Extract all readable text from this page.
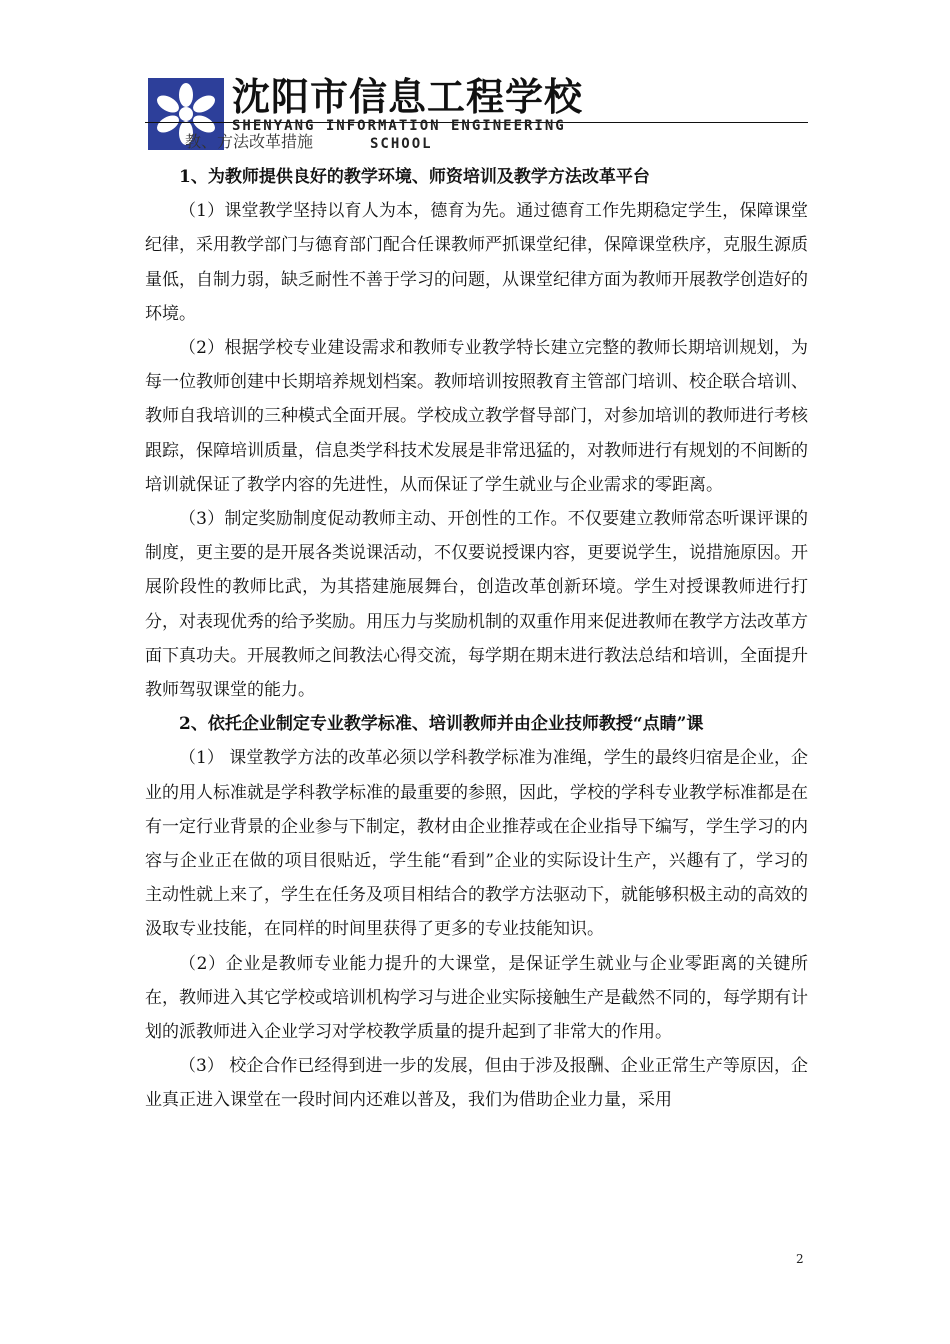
沈阳市信息工程学校
SHENYANG INFORMATION ENGINEERING
SCHOOL
教、方法改革措施

1、为教师提供良好的教学环境、师资培训及教学方法改革平台

（1）课堂教学坚持以育人为本，德育为先。通过德育工作先期稳定学生，保障课堂纪律，采用教学部门与德育部门配合任课教师严抓课堂纪律，保障课堂秩序，克服生源质量低，自制力弱，缺乏耐性不善于学习的问题，从课堂纪律方面为教师开展教学创造好的环境。

（2）根据学校专业建设需求和教师专业教学特长建立完整的教师长期培训规划，为每一位教师创建中长期培养规划档案。教师培训按照教育主管部门培训、校企联合培训、教师自我培训的三种模式全面开展。学校成立教学督导部门，对参加培训的教师进行考核跟踪，保障培训质量，信息类学科技术发展是非常迅猛的，对教师进行有规划的不间断的培训就保证了教学内容的先进性，从而保证了学生就业与企业需求的零距离。

（3）制定奖励制度促动教师主动、开创性的工作。不仅要建立教师常态听课评课的制度，更主要的是开展各类说课活动，不仅要说授课内容，更要说学生，说措施原因。开展阶段性的教师比武，为其搭建施展舞台，创造改革创新环境。学生对授课教师进行打分，对表现优秀的给予奖励。用压力与奖励机制的双重作用来促进教师在教学方法改革方面下真功夫。开展教师之间教法心得交流，每学期在期末进行教法总结和培训，全面提升教师驾驭课堂的能力。

2、依托企业制定专业教学标准、培训教师并由企业技师教授“点睛”课

（1） 课堂教学方法的改革必须以学科教学标准为准绳，学生的最终归宿是企业，企业的用人标准就是学科教学标准的最重要的参照，因此，学校的学科专业教学标准都是在有一定行业背景的企业参与下制定，教材由企业推荐或在企业指导下编写，学生学习的内容与企业正在做的项目很贴近，学生能“看到”企业的实际设计生产，兴趣有了，学习的主动性就上来了，学生在任务及项目相结合的教学方法驱动下，就能够积极主动的高效的汲取专业技能，在同样的时间里获得了更多的专业技能知识。

（2）企业是教师专业能力提升的大课堂，是保证学生就业与企业零距离的关键所在，教师进入其它学校或培训机构学习与进企业实际接触生产是截然不同的，每学期有计划的派教师进入企业学习对学校教学质量的提升起到了非常大的作用。

（3） 校企合作已经得到进一步的发展，但由于涉及报酬、企业正常生产等原因，企业真正进入课堂在一段时间内还难以普及，我们为借助企业力量，采用

2
